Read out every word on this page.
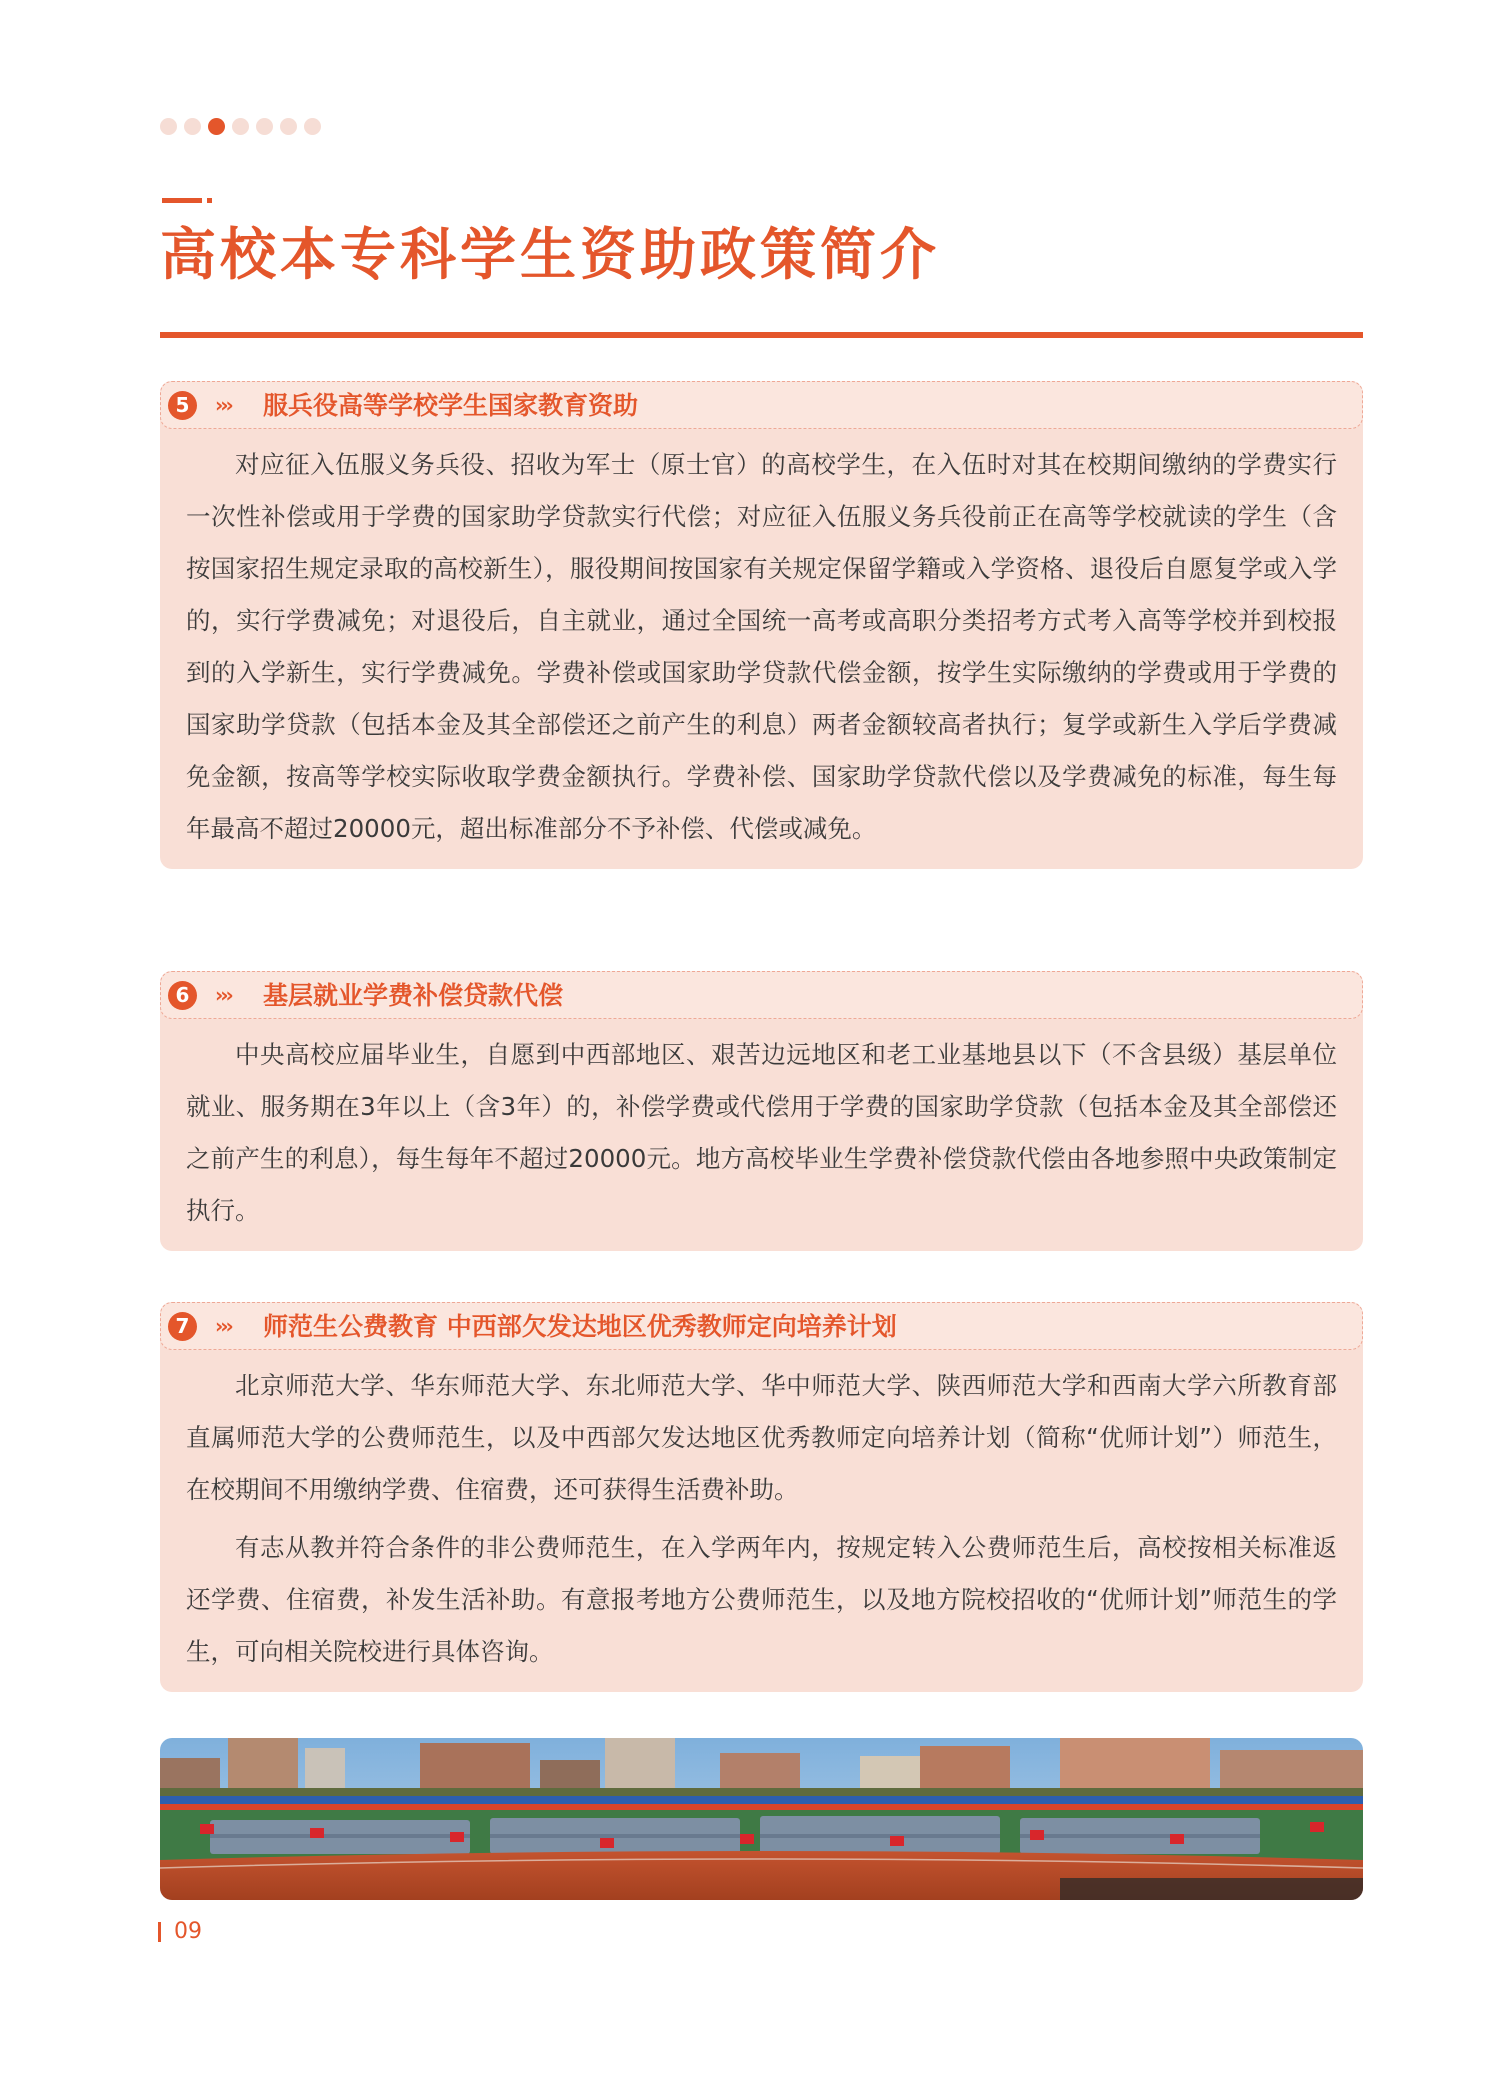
高校本专科学生资助政策简介
5	››› 服兵役高等学校学生国家教育资助

对应征入伍服义务兵役、招收为军士（原士官）的高校学生，在入伍时对其在校期间缴纳的学费实行一次性补偿或用于学费的国家助学贷款实行代偿；对应征入伍服义务兵役前正在高等学校就读的学生（含按国家招生规定录取的高校新生），服役期间按国家有关规定保留学籍或入学资格、退役后自愿复学或入学的，实行学费减免；对退役后，自主就业，通过全国统一高考或高职分类招考方式考入高等学校并到校报到的入学新生，实行学费减免。学费补偿或国家助学贷款代偿金额，按学生实际缴纳的学费或用于学费的国家助学贷款（包括本金及其全部偿还之前产生的利息）两者金额较高者执行；复学或新生入学后学费减免金额，按高等学校实际收取学费金额执行。学费补偿、国家助学贷款代偿以及学费减免的标准，每生每年最高不超过20000元，超出标准部分不予补偿、代偿或减免。

6	››› 基层就业学费补偿贷款代偿

中央高校应届毕业生，自愿到中西部地区、艰苦边远地区和老工业基地县以下（不含县级）基层单位就业、服务期在3年以上（含3年）的，补偿学费或代偿用于学费的国家助学贷款（包括本金及其全部偿还之前产生的利息），每生每年不超过20000元。地方高校毕业生学费补偿贷款代偿由各地参照中央政策制定执行。

7	››› 师范生公费教育 中西部欠发达地区优秀教师定向培养计划

北京师范大学、华东师范大学、东北师范大学、华中师范大学、陕西师范大学和西南大学六所教育部直属师范大学的公费师范生，以及中西部欠发达地区优秀教师定向培养计划（简称“优师计划”）师范生，在校期间不用缴纳学费、住宿费，还可获得生活费补助。

有志从教并符合条件的非公费师范生，在入学两年内，按规定转入公费师范生后，高校按相关标准返还学费、住宿费，补发生活补助。有意报考地方公费师范生，以及地方院校招收的“优师计划”师范生的学生，可向相关院校进行具体咨询。

09
